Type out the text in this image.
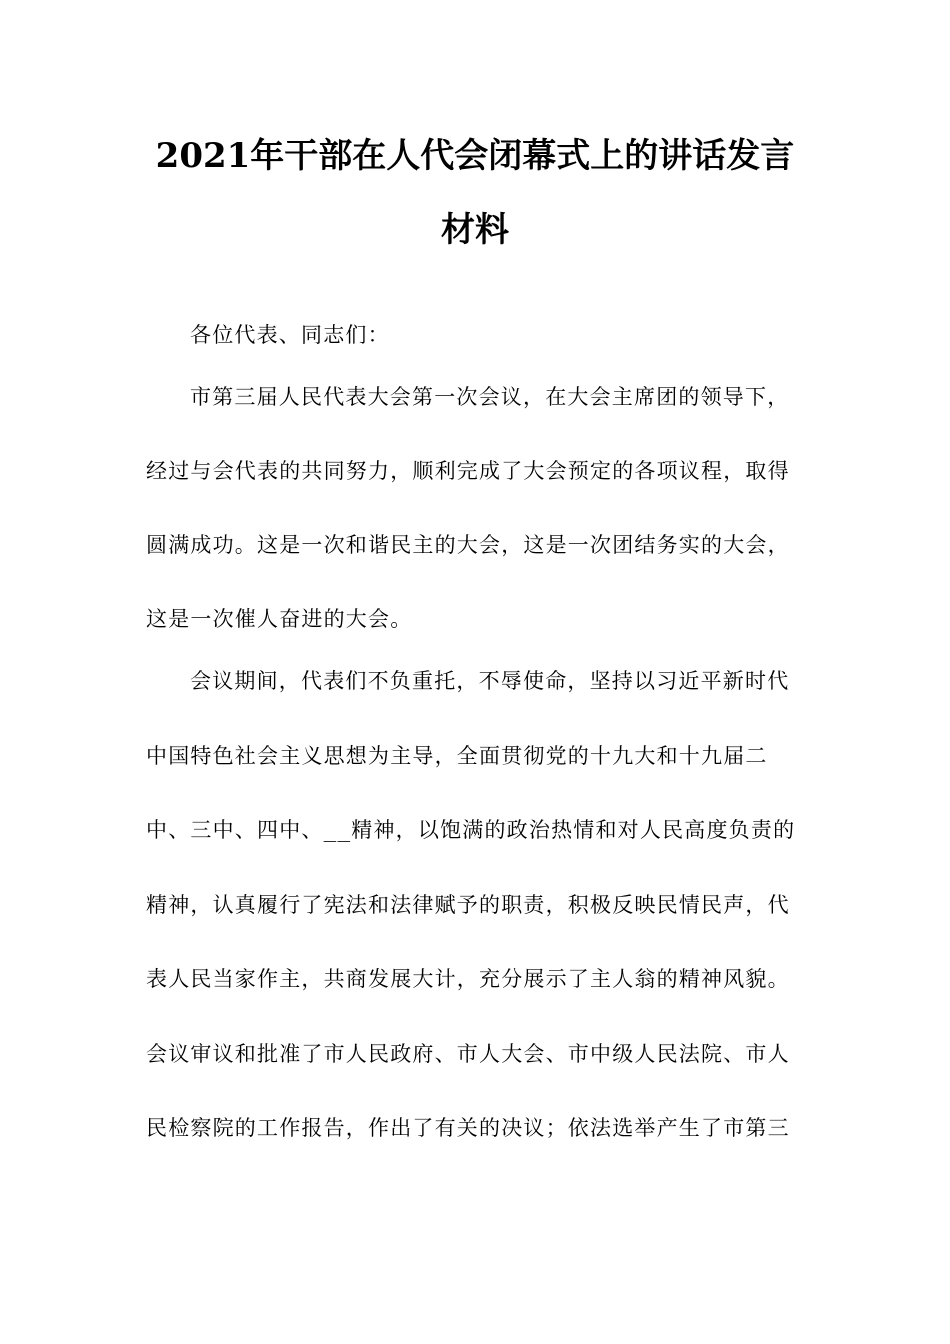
2021年干部在人代会闭幕式上的讲话发言
材料

各位代表、同志们：

市第三届人民代表大会第一次会议，在大会主席团的领导下，

经过与会代表的共同努力，顺利完成了大会预定的各项议程，取得

圆满成功。这是一次和谐民主的大会，这是一次团结务实的大会，

这是一次催人奋进的大会。

会议期间，代表们不负重托，不辱使命，坚持以习近平新时代

中国特色社会主义思想为主导，全面贯彻党的十九大和十九届二

中、三中、四中、__精神，以饱满的政治热情和对人民高度负责的

精神，认真履行了宪法和法律赋予的职责，积极反映民情民声，代

表人民当家作主，共商发展大计，充分展示了主人翁的精神风貌。

会议审议和批准了市人民政府、市人大会、市中级人民法院、市人

民检察院的工作报告，作出了有关的决议；依法选举产生了市第三
